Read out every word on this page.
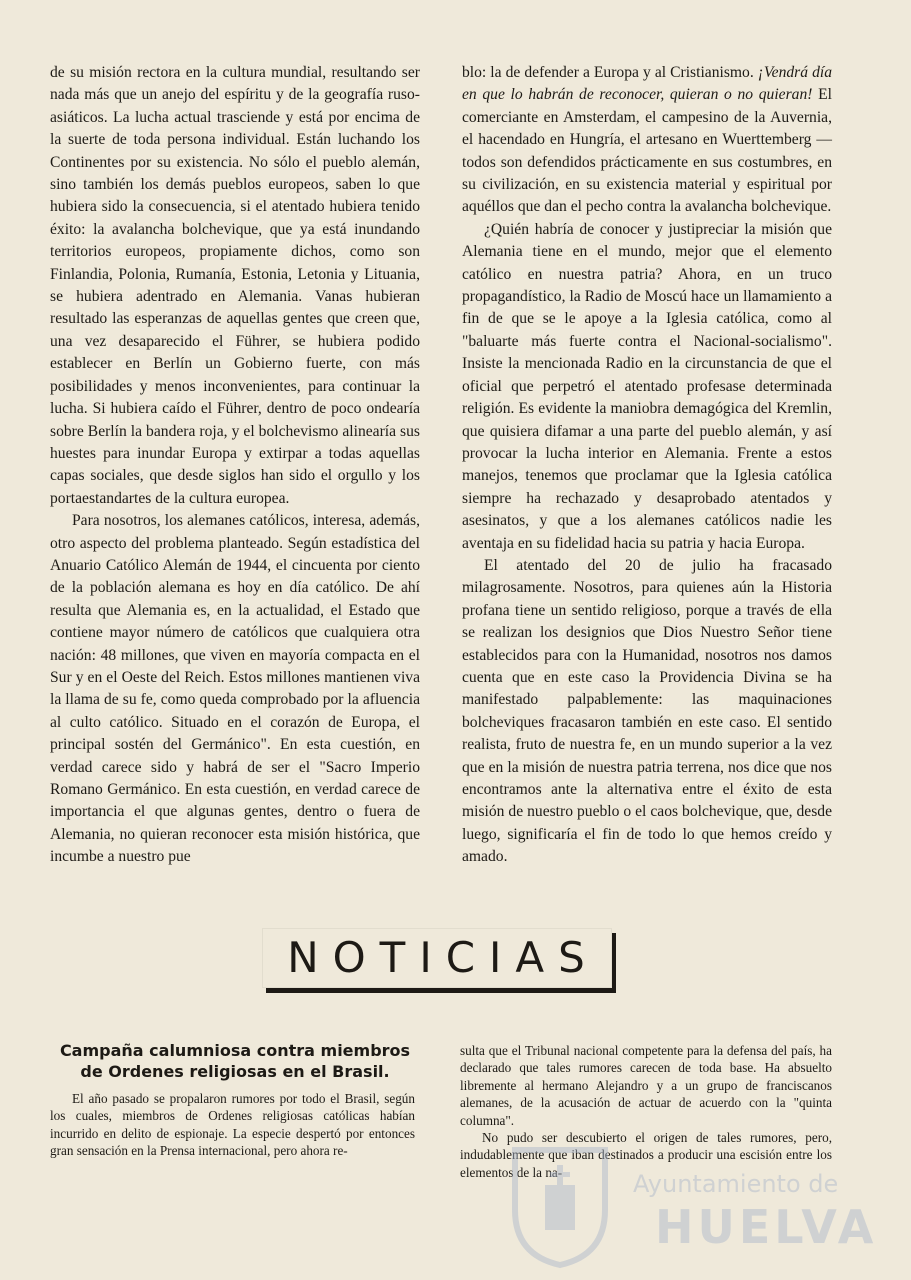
de su misión rectora en la cultura mundial, resultando ser nada más que un anejo del espíritu y de la geografía ruso-asiáticos. La lucha actual trasciende y está por encima de la suerte de toda persona individual. Están luchando los Continentes por su existencia. No sólo el pueblo alemán, sino también los demás pueblos europeos, saben lo que hubiera sido la consecuencia, si el atentado hubiera tenido éxito: la avalancha bolchevique, que ya está inundando territorios europeos, propiamente dichos, como son Finlandia, Polonia, Rumanía, Estonia, Letonia y Lituania, se hubiera adentrado en Alemania. Vanas hubieran resultado las esperanzas de aquellas gentes que creen que, una vez desaparecido el Führer, se hubiera podido establecer en Berlín un Gobierno fuerte, con más posibilidades y menos inconvenientes, para continuar la lucha. Si hubiera caído el Führer, dentro de poco ondearía sobre Berlín la bandera roja, y el bolchevismo alinearía sus huestes para inundar Europa y extirpar a todas aquellas capas sociales, que desde siglos han sido el orgullo y los portaestandartes de la cultura europea.

Para nosotros, los alemanes católicos, interesa, además, otro aspecto del problema planteado. Según estadística del Anuario Católico Alemán de 1944, el cincuenta por ciento de la población alemana es hoy en día católico. De ahí resulta que Alemania es, en la actualidad, el Estado que contiene mayor número de católicos que cualquiera otra nación: 48 millones, que viven en mayoría compacta en el Sur y en el Oeste del Reich. Estos millones mantienen viva la llama de su fe, como queda comprobado por la afluencia al culto católico. Situado en el corazón de Europa, el principal sostén del Germánico". En esta cuestión, en verdad carece sido y habrá de ser el "Sacro Imperio Romano Germánico. En esta cuestión, en verdad carece de importancia el que algunas gentes, dentro o fuera de Alemania, no quieran reconocer esta misión histórica, que incumbe a nuestro pue

blo: la de defender a Europa y al Cristianismo. ¡Vendrá día en que lo habrán de reconocer, quieran o no quieran! El comerciante en Amsterdam, el campesino de la Auvernia, el hacendado en Hungría, el artesano en Wuerttemberg —todos son defendidos prácticamente en sus costumbres, en su civilización, en su existencia material y espiritual por aquéllos que dan el pecho contra la avalancha bolchevique.

¿Quién habría de conocer y justipreciar la misión que Alemania tiene en el mundo, mejor que el elemento católico en nuestra patria? Ahora, en un truco propagandístico, la Radio de Moscú hace un llamamiento a fin de que se le apoye a la Iglesia católica, como al "baluarte más fuerte contra el Nacional-socialismo". Insiste la mencionada Radio en la circunstancia de que el oficial que perpetró el atentado profesase determinada religión. Es evidente la maniobra demagógica del Kremlin, que quisiera difamar a una parte del pueblo alemán, y así provocar la lucha interior en Alemania. Frente a estos manejos, tenemos que proclamar que la Iglesia católica siempre ha rechazado y desaprobado atentados y asesinatos, y que a los alemanes católicos nadie les aventaja en su fidelidad hacia su patria y hacia Europa.

El atentado del 20 de julio ha fracasado milagrosamente. Nosotros, para quienes aún la Historia profana tiene un sentido religioso, porque a través de ella se realizan los designios que Dios Nuestro Señor tiene establecidos para con la Humanidad, nosotros nos damos cuenta que en este caso la Providencia Divina se ha manifestado palpablemente: las maquinaciones bolcheviques fracasaron también en este caso. El sentido realista, fruto de nuestra fe, en un mundo superior a la vez que en la misión de nuestra patria terrena, nos dice que nos encontramos ante la alternativa entre el éxito de esta misión de nuestro pueblo o el caos bolchevique, que, desde luego, significaría el fin de todo lo que hemos creído y amado.

NOTICIAS
Campaña calumniosa contra miembros de Ordenes religiosas en el Brasil.

El año pasado se propalaron rumores por todo el Brasil, según los cuales, miembros de Ordenes religiosas católicas habían incurrido en delito de espionaje. La especie despertó por entonces gran sensación en la Prensa internacional, pero ahora re-

sulta que el Tribunal nacional competente para la defensa del país, ha declarado que tales rumores carecen de toda base. Ha absuelto libremente al hermano Alejandro y a un grupo de franciscanos alemanes, de la acusación de actuar de acuerdo con la "quinta columna".

No pudo ser descubierto el origen de tales rumores, pero, indudablemente que iban destinados a producir una escisión entre los elementos de la na-	Ayuntamiento de
HUELVA
